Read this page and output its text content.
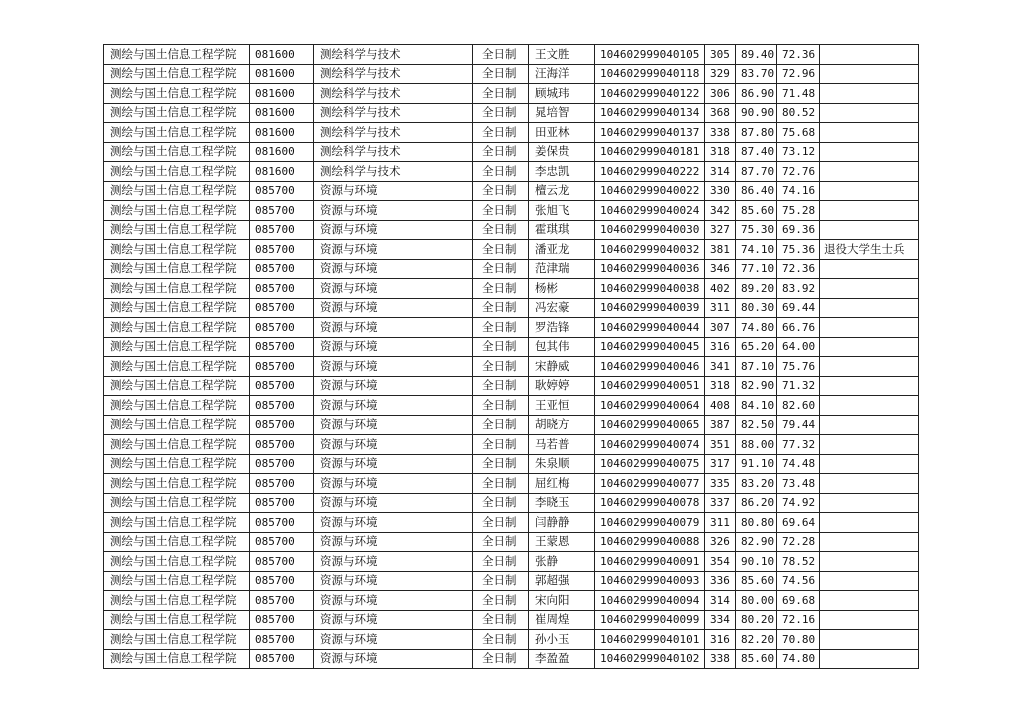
测绘与国土信息工程学院	081600	测绘科学与技术	全日制	王文胜	104602999040105	305	89.40	72.36	
测绘与国土信息工程学院	081600	测绘科学与技术	全日制	汪海洋	104602999040118	329	83.70	72.96	
测绘与国土信息工程学院	081600	测绘科学与技术	全日制	顾城玮	104602999040122	306	86.90	71.48	
测绘与国土信息工程学院	081600	测绘科学与技术	全日制	晁培智	104602999040134	368	90.90	80.52	
测绘与国土信息工程学院	081600	测绘科学与技术	全日制	田亚林	104602999040137	338	87.80	75.68	
测绘与国土信息工程学院	081600	测绘科学与技术	全日制	姜保贵	104602999040181	318	87.40	73.12	
测绘与国土信息工程学院	081600	测绘科学与技术	全日制	李忠凯	104602999040222	314	87.70	72.76	
测绘与国土信息工程学院	085700	资源与环境	全日制	檀云龙	104602999040022	330	86.40	74.16	
测绘与国土信息工程学院	085700	资源与环境	全日制	张旭飞	104602999040024	342	85.60	75.28	
测绘与国土信息工程学院	085700	资源与环境	全日制	霍琪琪	104602999040030	327	75.30	69.36	
测绘与国土信息工程学院	085700	资源与环境	全日制	潘亚龙	104602999040032	381	74.10	75.36	退役大学生士兵
测绘与国土信息工程学院	085700	资源与环境	全日制	范津瑞	104602999040036	346	77.10	72.36	
测绘与国土信息工程学院	085700	资源与环境	全日制	杨彬	104602999040038	402	89.20	83.92	
测绘与国土信息工程学院	085700	资源与环境	全日制	冯宏豪	104602999040039	311	80.30	69.44	
测绘与国土信息工程学院	085700	资源与环境	全日制	罗浩锋	104602999040044	307	74.80	66.76	
测绘与国土信息工程学院	085700	资源与环境	全日制	包其伟	104602999040045	316	65.20	64.00	
测绘与国土信息工程学院	085700	资源与环境	全日制	宋静威	104602999040046	341	87.10	75.76	
测绘与国土信息工程学院	085700	资源与环境	全日制	耿婷婷	104602999040051	318	82.90	71.32	
测绘与国土信息工程学院	085700	资源与环境	全日制	王亚恒	104602999040064	408	84.10	82.60	
测绘与国土信息工程学院	085700	资源与环境	全日制	胡晓方	104602999040065	387	82.50	79.44	
测绘与国土信息工程学院	085700	资源与环境	全日制	马若普	104602999040074	351	88.00	77.32	
测绘与国土信息工程学院	085700	资源与环境	全日制	朱泉顺	104602999040075	317	91.10	74.48	
测绘与国土信息工程学院	085700	资源与环境	全日制	屈红梅	104602999040077	335	83.20	73.48	
测绘与国土信息工程学院	085700	资源与环境	全日制	李晓玉	104602999040078	337	86.20	74.92	
测绘与国土信息工程学院	085700	资源与环境	全日制	闫静静	104602999040079	311	80.80	69.64	
测绘与国土信息工程学院	085700	资源与环境	全日制	王蒙恩	104602999040088	326	82.90	72.28	
测绘与国土信息工程学院	085700	资源与环境	全日制	张静	104602999040091	354	90.10	78.52	
测绘与国土信息工程学院	085700	资源与环境	全日制	郭超强	104602999040093	336	85.60	74.56	
测绘与国土信息工程学院	085700	资源与环境	全日制	宋向阳	104602999040094	314	80.00	69.68	
测绘与国土信息工程学院	085700	资源与环境	全日制	崔周煌	104602999040099	334	80.20	72.16	
测绘与国土信息工程学院	085700	资源与环境	全日制	孙小玉	104602999040101	316	82.20	70.80	
测绘与国土信息工程学院	085700	资源与环境	全日制	李盈盈	104602999040102	338	85.60	74.80	
